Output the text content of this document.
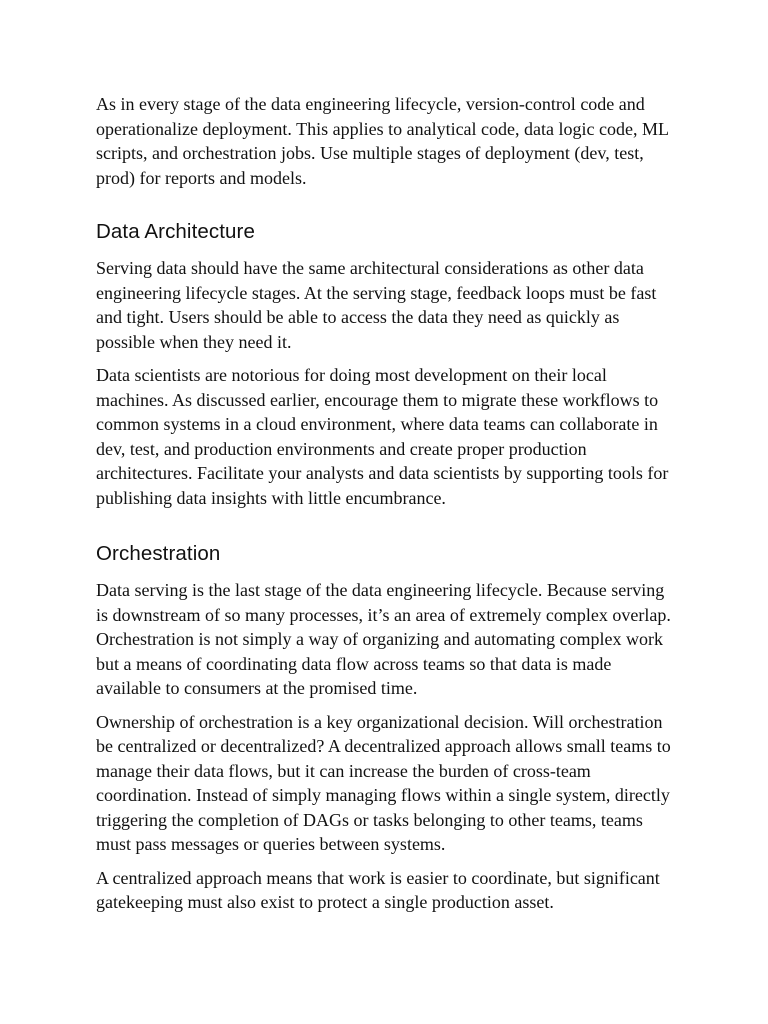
As in every stage of the data engineering lifecycle, version-control code and operationalize deployment. This applies to analytical code, data logic code, ML scripts, and orchestration jobs. Use multiple stages of deployment (dev, test, prod) for reports and models.

Data Architecture

Serving data should have the same architectural considerations as other data engineering lifecycle stages. At the serving stage, feedback loops must be fast and tight. Users should be able to access the data they need as quickly as possible when they need it.

Data scientists are notorious for doing most development on their local machines. As discussed earlier, encourage them to migrate these workflows to common systems in a cloud environment, where data teams can collaborate in dev, test, and production environments and create proper production architectures. Facilitate your analysts and data scientists by supporting tools for publishing data insights with little encumbrance.

Orchestration

Data serving is the last stage of the data engineering lifecycle. Because serving is downstream of so many processes, it’s an area of extremely complex overlap. Orchestration is not simply a way of organizing and automating complex work but a means of coordinating data flow across teams so that data is made available to consumers at the promised time.

Ownership of orchestration is a key organizational decision. Will orchestration be centralized or decentralized? A decentralized approach allows small teams to manage their data flows, but it can increase the burden of cross-team coordination. Instead of simply managing flows within a single system, directly triggering the completion of DAGs or tasks belonging to other teams, teams must pass messages or queries between systems.

A centralized approach means that work is easier to coordinate, but significant gatekeeping must also exist to protect a single production asset.
